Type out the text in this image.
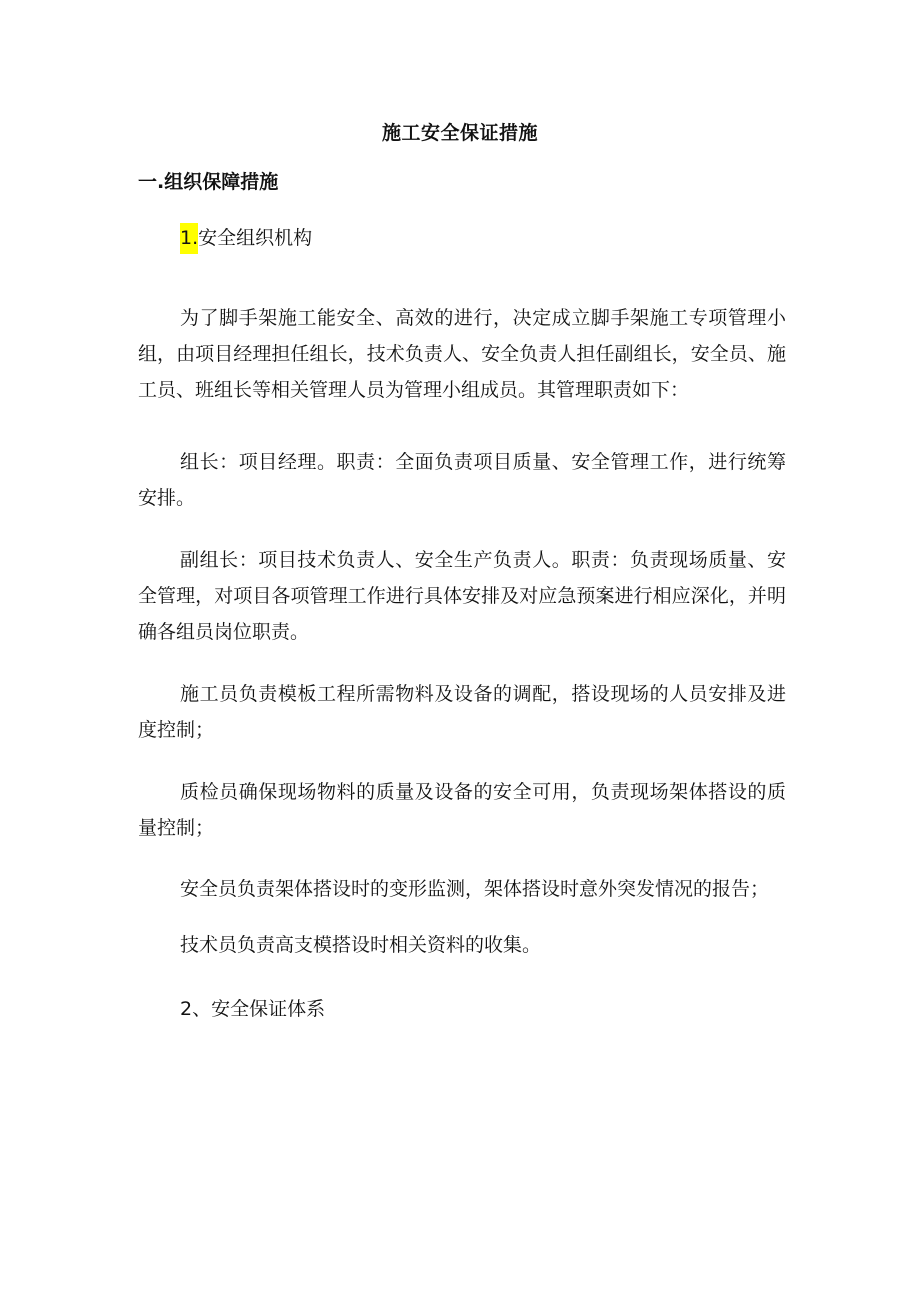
施工安全保证措施
一.组织保障措施
1.安全组织机构

为了脚手架施工能安全、高效的进行，决定成立脚手架施工专项管理小组，由项目经理担任组长，技术负责人、安全负责人担任副组长，安全员、施工员、班组长等相关管理人员为管理小组成员。其管理职责如下：

组长：项目经理。职责：全面负责项目质量、安全管理工作，进行统筹安排。

副组长：项目技术负责人、安全生产负责人。职责：负责现场质量、安全管理，对项目各项管理工作进行具体安排及对应急预案进行相应深化，并明确各组员岗位职责。

施工员负责模板工程所需物料及设备的调配，搭设现场的人员安排及进度控制；

质检员确保现场物料的质量及设备的安全可用，负责现场架体搭设的质量控制；

安全员负责架体搭设时的变形监测，架体搭设时意外突发情况的报告；

技术员负责高支模搭设时相关资料的收集。

2、安全保证体系
